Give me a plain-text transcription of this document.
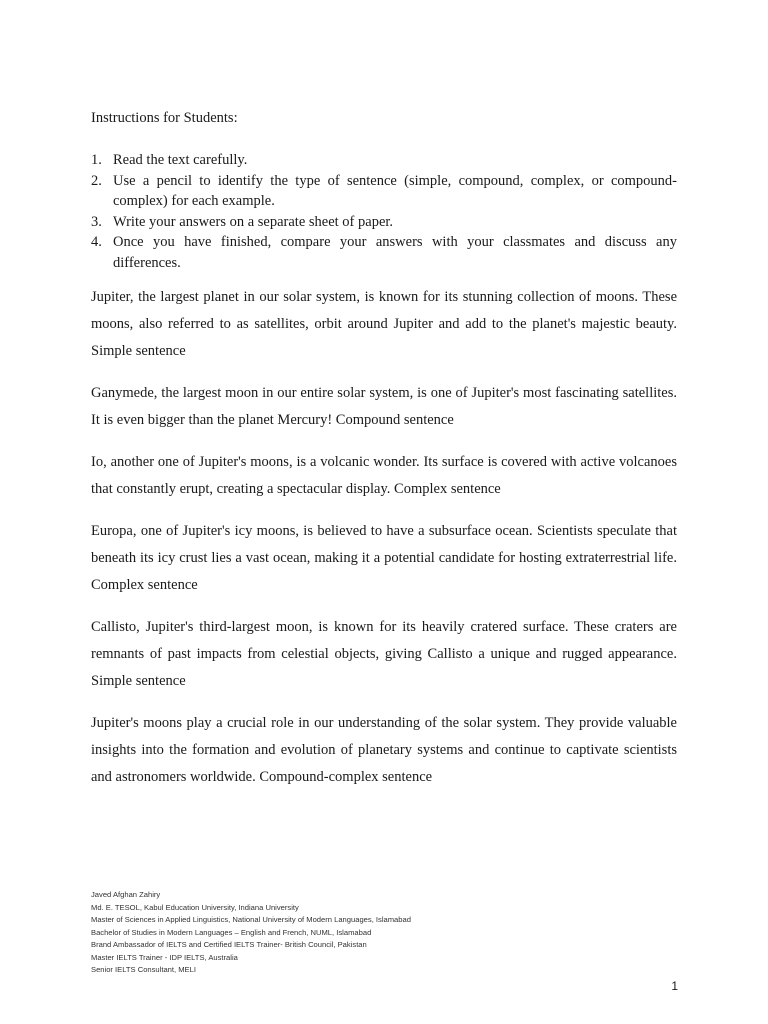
Instructions for Students:

1. Read the text carefully.
2. Use a pencil to identify the type of sentence (simple, compound, complex, or compound-complex) for each example.
3. Write your answers on a separate sheet of paper.
4. Once you have finished, compare your answers with your classmates and discuss any differences.

Jupiter, the largest planet in our solar system, is known for its stunning collection of moons. These moons, also referred to as satellites, orbit around Jupiter and add to the planet's majestic beauty. Simple sentence

Ganymede, the largest moon in our entire solar system, is one of Jupiter's most fascinating satellites. It is even bigger than the planet Mercury! Compound sentence

Io, another one of Jupiter's moons, is a volcanic wonder. Its surface is covered with active volcanoes that constantly erupt, creating a spectacular display. Complex sentence

Europa, one of Jupiter's icy moons, is believed to have a subsurface ocean. Scientists speculate that beneath its icy crust lies a vast ocean, making it a potential candidate for hosting extraterrestrial life. Complex sentence

Callisto, Jupiter's third-largest moon, is known for its heavily cratered surface. These craters are remnants of past impacts from celestial objects, giving Callisto a unique and rugged appearance. Simple sentence

Jupiter's moons play a crucial role in our understanding of the solar system. They provide valuable insights into the formation and evolution of planetary systems and continue to captivate scientists and astronomers worldwide. Compound-complex sentence

Javed Afghan Zahiry
Md. E. TESOL, Kabul Education University, Indiana University
Master of Sciences in Applied Linguistics, National University of Modern Languages, Islamabad
Bachelor of Studies in Modern Languages – English and French, NUML, Islamabad
Brand Ambassador of IELTS and Certified IELTS Trainer- British Council, Pakistan
Master IELTS Trainer - IDP IELTS, Australia
Senior IELTS Consultant, MELI
1
